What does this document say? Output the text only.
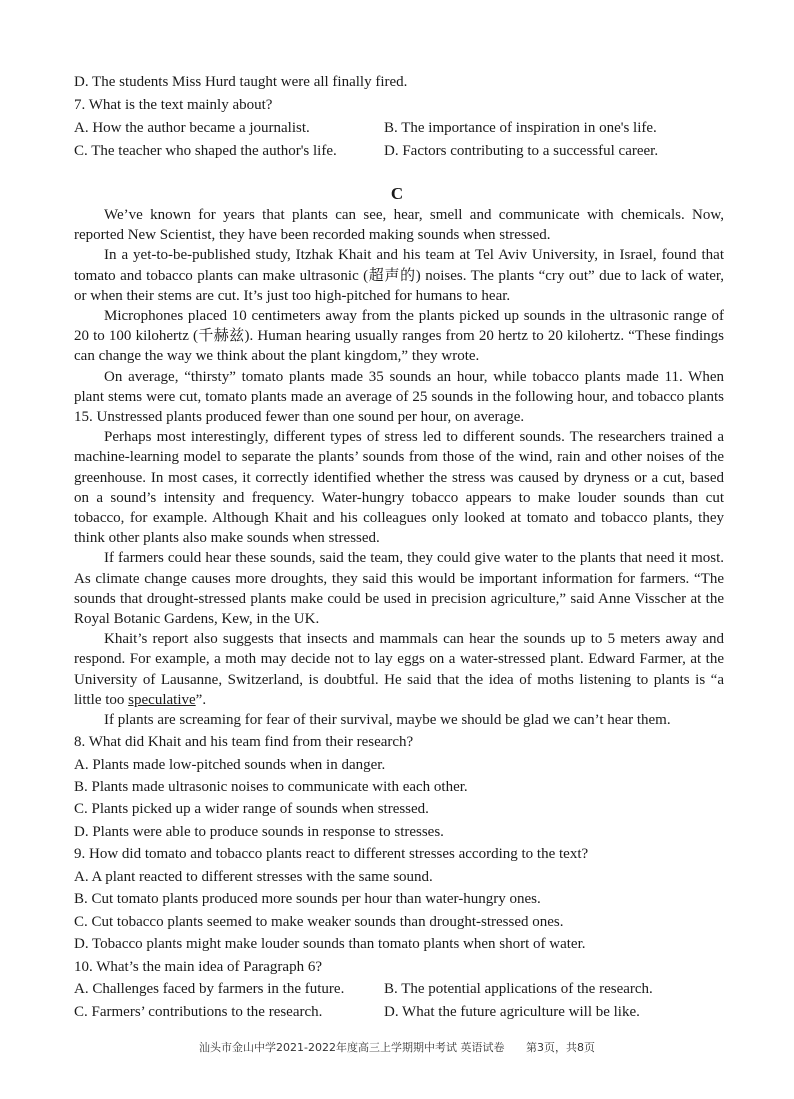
D. The students Miss Hurd taught were all finally fired.
7. What is the text mainly about?
A. How the author became a journalist.	B. The importance of inspiration in one's life.
C. The teacher who shaped the author's life.	D. Factors contributing to a successful career.
C

We’ve known for years that plants can see, hear, smell and communicate with chemicals. Now, reported New Scientist, they have been recorded making sounds when stressed.

In a yet-to-be-published study, Itzhak Khait and his team at Tel Aviv University, in Israel, found that tomato and tobacco plants can make ultrasonic (超声的) noises. The plants “cry out” due to lack of water, or when their stems are cut. It’s just too high-pitched for humans to hear.

Microphones placed 10 centimeters away from the plants picked up sounds in the ultrasonic range of 20 to 100 kilohertz (千赫兹). Human hearing usually ranges from 20 hertz to 20 kilohertz. “These findings can change the way we think about the plant kingdom,” they wrote.

On average, “thirsty” tomato plants made 35 sounds an hour, while tobacco plants made 11. When plant stems were cut, tomato plants made an average of 25 sounds in the following hour, and tobacco plants 15. Unstressed plants produced fewer than one sound per hour, on average.

Perhaps most interestingly, different types of stress led to different sounds. The researchers trained a machine-learning model to separate the plants’ sounds from those of the wind, rain and other noises of the greenhouse. In most cases, it correctly identified whether the stress was caused by dryness or a cut, based on a sound’s intensity and frequency. Water-hungry tobacco appears to make louder sounds than cut tobacco, for example. Although Khait and his colleagues only looked at tomato and tobacco plants, they think other plants also make sounds when stressed.

If farmers could hear these sounds, said the team, they could give water to the plants that need it most. As climate change causes more droughts, they said this would be important information for farmers. “The sounds that drought-stressed plants make could be used in precision agriculture,” said Anne Visscher at the Royal Botanic Gardens, Kew, in the UK.

Khait’s report also suggests that insects and mammals can hear the sounds up to 5 meters away and respond. For example, a moth may decide not to lay eggs on a water-stressed plant. Edward Farmer, at the University of Lausanne, Switzerland, is doubtful. He said that the idea of moths listening to plants is “a little too speculative”.

If plants are screaming for fear of their survival, maybe we should be glad we can’t hear them.

8. What did Khait and his team find from their research?
A. Plants made low-pitched sounds when in danger.
B. Plants made ultrasonic noises to communicate with each other.
C. Plants picked up a wider range of sounds when stressed.
D. Plants were able to produce sounds in response to stresses.
9. How did tomato and tobacco plants react to different stresses according to the text?
A. A plant reacted to different stresses with the same sound.
B. Cut tomato plants produced more sounds per hour than water-hungry ones.
C. Cut tobacco plants seemed to make weaker sounds than drought-stressed ones.
D. Tobacco plants might make louder sounds than tomato plants when short of water.
10. What’s the main idea of Paragraph 6?
A. Challenges faced by farmers in the future.	B. The potential applications of the research.
C. Farmers’ contributions to the research.	D. What the future agriculture will be like.
汕头市金山中学2021-2022年度高三上学期期中考试 英语试卷 第3页，共8页
